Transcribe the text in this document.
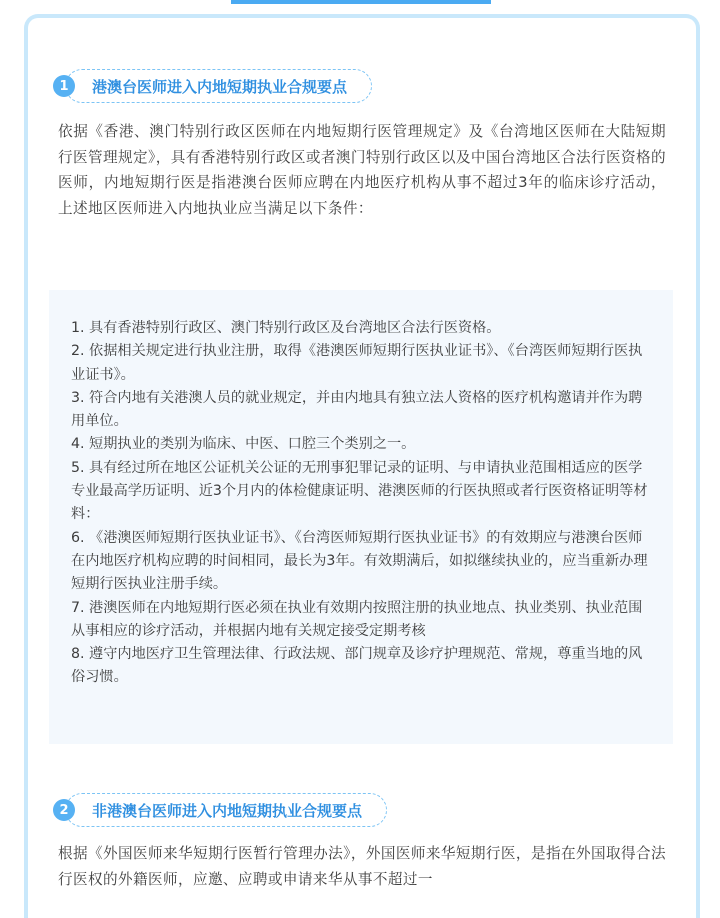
1	港澳台医师进入内地短期执业合规要点

依据《香港、澳门特别行政区医师在内地短期行医管理规定》及《台湾地区医师在大陆短期行医管理规定》，具有香港特别行政区或者澳门特别行政区以及中国台湾地区合法行医资格的医师，内地短期行医是指港澳台医师应聘在内地医疗机构从事不超过3年的临床诊疗活动，上述地区医师进入内地执业应当满足以下条件：

1. 具有香港特别行政区、澳门特别行政区及台湾地区合法行医资格。
2. 依据相关规定进行执业注册，取得《港澳医师短期行医执业证书》、《台湾医师短期行医执业证书》。
3. 符合内地有关港澳人员的就业规定，并由内地具有独立法人资格的医疗机构邀请并作为聘用单位。
4. 短期执业的类别为临床、中医、口腔三个类别之一。
5. 具有经过所在地区公证机关公证的无刑事犯罪记录的证明、与申请执业范围相适应的医学专业最高学历证明、近3个月内的体检健康证明、港澳医师的行医执照或者行医资格证明等材料：
6. 《港澳医师短期行医执业证书》、《台湾医师短期行医执业证书》的有效期应与港澳台医师在内地医疗机构应聘的时间相同，最长为3年。有效期满后，如拟继续执业的，应当重新办理短期行医执业注册手续。
7. 港澳医师在内地短期行医必须在执业有效期内按照注册的执业地点、执业类别、执业范围从事相应的诊疗活动，并根据内地有关规定接受定期考核
8. 遵守内地医疗卫生管理法律、行政法规、部门规章及诊疗护理规范、常规，尊重当地的风俗习惯。
2	非港澳台医师进入内地短期执业合规要点

根据《外国医师来华短期行医暂行管理办法》，外国医师来华短期行医，是指在外国取得合法行医权的外籍医师，应邀、应聘或申请来华从事不超过一
